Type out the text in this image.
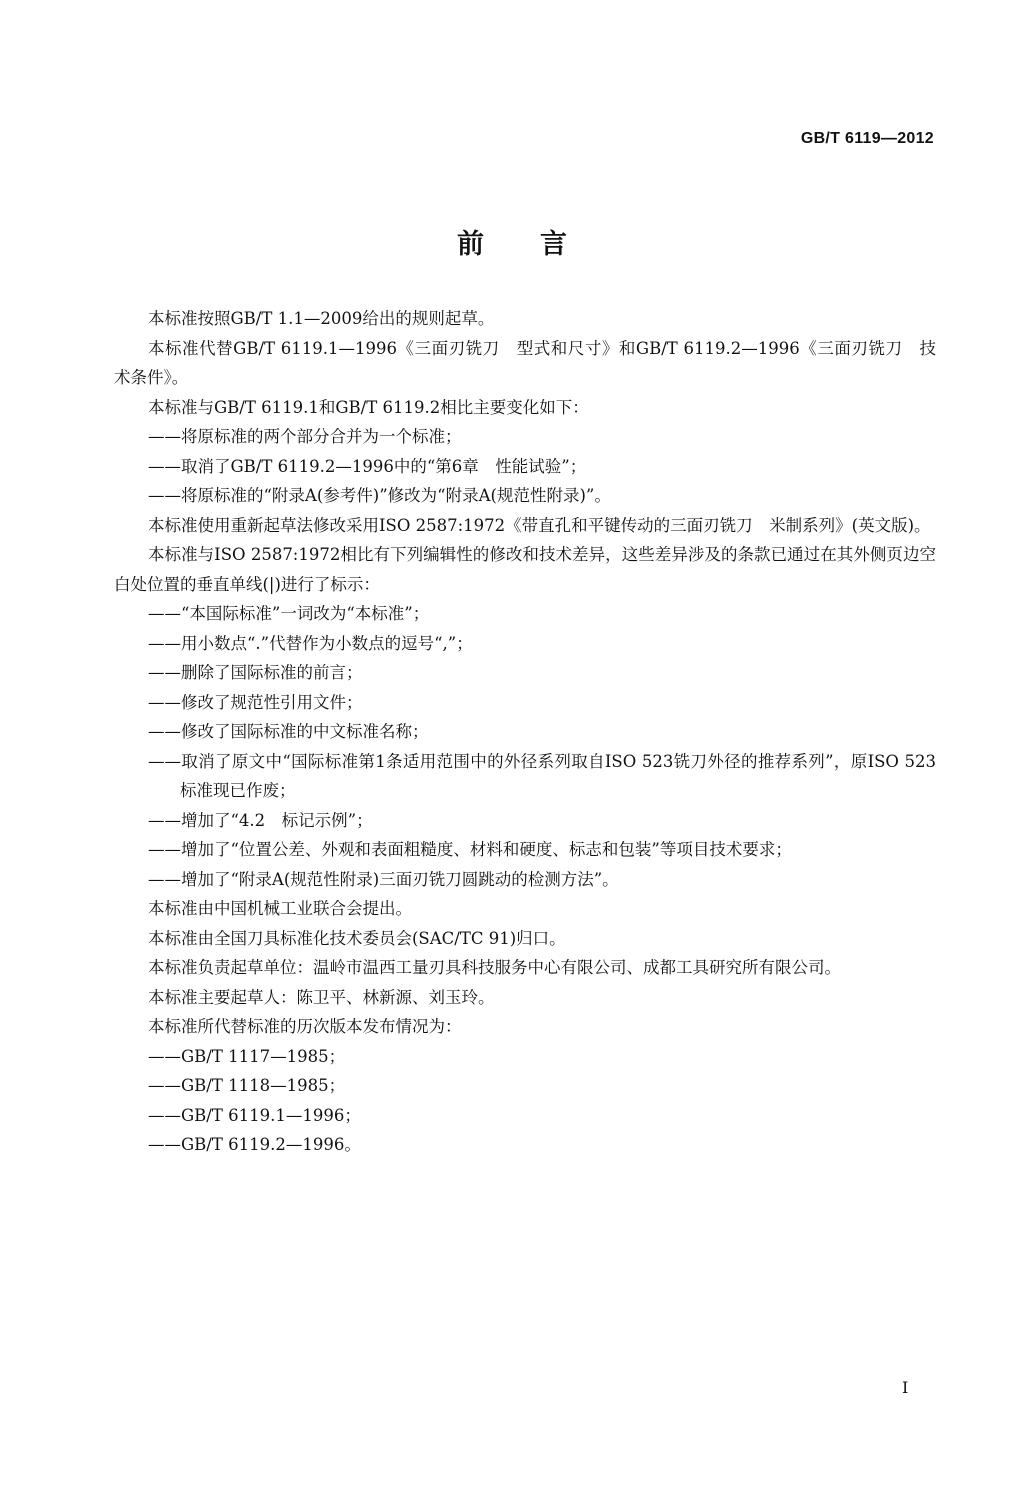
GB/T 6119—2012
前言

本标准按照GB/T 1.1—2009给出的规则起草。

本标准代替GB/T 6119.1—1996《三面刃铣刀　型式和尺寸》和GB/T 6119.2—1996《三面刃铣刀　技术条件》。

本标准与GB/T 6119.1和GB/T 6119.2相比主要变化如下：

——将原标准的两个部分合并为一个标准；

——取消了GB/T 6119.2—1996中的“第6章　性能试验”；

——将原标准的“附录A(参考件)”修改为“附录A(规范性附录)”。

本标准使用重新起草法修改采用ISO 2587:1972《带直孔和平键传动的三面刃铣刀　米制系列》(英文版)。

本标准与ISO 2587:1972相比有下列编辑性的修改和技术差异，这些差异涉及的条款已通过在其外侧页边空白处位置的垂直单线(|)进行了标示：

——“本国际标准”一词改为“本标准”；

——用小数点“.”代替作为小数点的逗号“,”；

——删除了国际标准的前言；

——修改了规范性引用文件；

——修改了国际标准的中文标准名称；

——取消了原文中“国际标准第1条适用范围中的外径系列取自ISO 523铣刀外径的推荐系列”，原ISO 523标准现已作废；

——增加了“4.2　标记示例”；

——增加了“位置公差、外观和表面粗糙度、材料和硬度、标志和包装”等项目技术要求；

——增加了“附录A(规范性附录)三面刃铣刀圆跳动的检测方法”。

本标准由中国机械工业联合会提出。

本标准由全国刀具标准化技术委员会(SAC/TC 91)归口。

本标准负责起草单位：温岭市温西工量刃具科技服务中心有限公司、成都工具研究所有限公司。

本标准主要起草人：陈卫平、林新源、刘玉玲。

本标准所代替标准的历次版本发布情况为：

——GB/T 1117—1985；

——GB/T 1118—1985；

——GB/T 6119.1—1996；

——GB/T 6119.2—1996。

I
